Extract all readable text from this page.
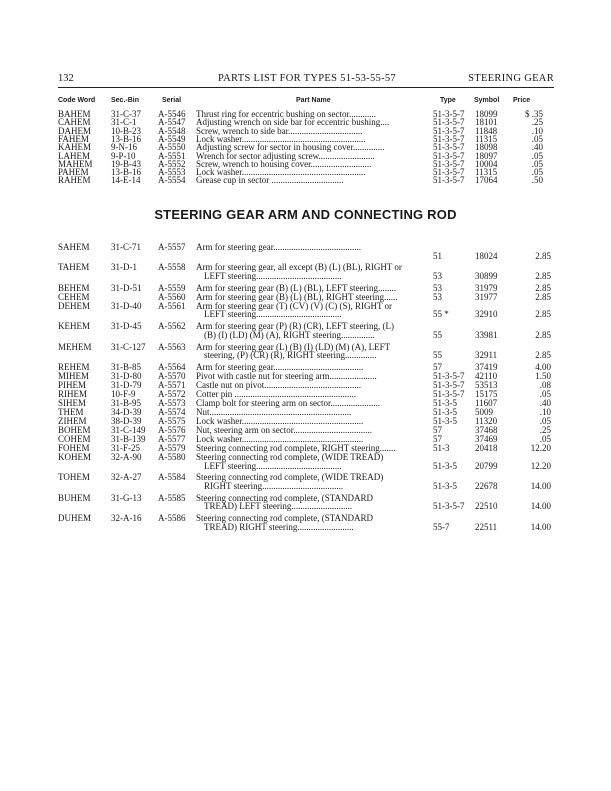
132	PARTS LIST FOR TYPES 51-53-55-57	STEERING GEAR
Code Word Sec.-Bin	Serial	Part Name	Type	Symbol Price
BAHEM 31-C-37 A-5546 Thrust ring for eccentric bushing on sector............	51-3-5-7 18099	$ .35
CAHEM 31-C-1 A-5547 Adjusting wrench on side bar for eccentric bushing....	51-3-5-7 18101	.25
DAHEM 10-B-23 A-5548 Screw, wrench to side bar.................................	51-3-5-7 11848	.10
FAHEM 13-B-16 A-5549 Lock washer.......................................................	51-3-5-7 11315	.05
KAHEM 9-N-16 A-5550 Adjusting screw for sector in housing cover..............	51-3-5-7 18098	.40
LAHEM 9-P-10	A-5551 Wrench for sector adjusting screw.........................	51-3-5-7 18097	.05
MAHEM 19-B-43 A-5552 Screw, wrench to housing cover...........................	51-3-5-7 10004	.05
PAHEM 13-B-16 A-5553 Lock washer.......................................................	51-3-5-7 11315	.05
RAHEM 14-E-14 A-5554 Grease cup in sector ................................	51-3-5-7 17064	.50
STEERING GEAR ARM AND CONNECTING ROD
SAHEM 31-C-71 A-5557 Arm for steering gear.......................................
51	18024	2.85
TAHEM 31-D-1 A-5558 Arm for steering gear, all except (B) (L) (BL), RIGHT or
LEFT steering......................................	53	30899	2.85
BEHEM 31-D-51 A-5559 Arm for steering gear (B) (L) (BL), LEFT steering........	53	31979	2.85
CEHEM	A-5560 Arm for steering gear (B) (L) (BL), RIGHT steering......	53	31977	2.85
DEHEM 31-D-40 A-5561 Arm for steering gear (T) (CV) (V) (C) (S), RIGHT or
LEFT steering......................................	55 *	32910	2.85
KEHEM 31-D-45 A-5562 Arm for steering gear (P) (R) (CR), LEFT steering, (L)
(B) (I) (LD) (M) (A), RIGHT steering...............	55	33981	2.85
MEHEM 31-C-127 A-5563 Arm for steering gear (L) (B) (I) (LD) (M) (A), LEFT
steering, (P) (CR) (R), RIGHT steering..............	55	32911	2.85
REHEM 31-B-85 A-5564 Arm for steering gear........................................	57	37419	4.00
MIHEM 31-D-80 A-5570 Pivot with castle nut for steering arm.....................	51-3-5-7 42110	1.50
PIHEM	31-D-79 A-5571 Castle nut on pivot...........................................	51-3-5-7 53513	.08
RIHEM	10-F-9	A-5572 Cotter pin ......................................................	51-3-5-7 15175	.05
SIHEM	31-B-95 A-5573 Clamp bolt for steering arm on sector......................	51-3-5 11607	.40
THEM	34-D-39 A-5574 Nut...............................................................	51-3-5 5009	.10
ZIHEM	38-D-39 A-5575 Lock washer......................................................	51-3-5 11320	.05
BOHEM 31-C-149 A-5576 Nut, steering arm on sector...................................	57	37468	.25
COHEM 31-B-139 A-5577 Lock washer......................................................	57	37469	.05
FOHEM 31-F-25 A-5579 Steering connecting rod complete, RIGHT steering.......	51-3	20418	12.20
KOHEM 32-A-90 A-5580 Steering connecting rod complete, (WIDE TREAD)
LEFT steering......................................	51-3-5 20799	12.20
TOHEM 32-A-27 A-5584 Steering connecting rod complete, (WIDE TREAD)
RIGHT steering....................................	51-3-5 22678	14.00
BUHEM 31-G-13 A-5585 Steering connecting rod complete, (STANDARD
TREAD) LEFT steering...........................	51-3-5-7 22510	14.00
DUHEM 32-A-16 A-5586 Steering connecting rod complete, (STANDARD
TREAD) RIGHT steering.........................	55-7	22511	14.00
